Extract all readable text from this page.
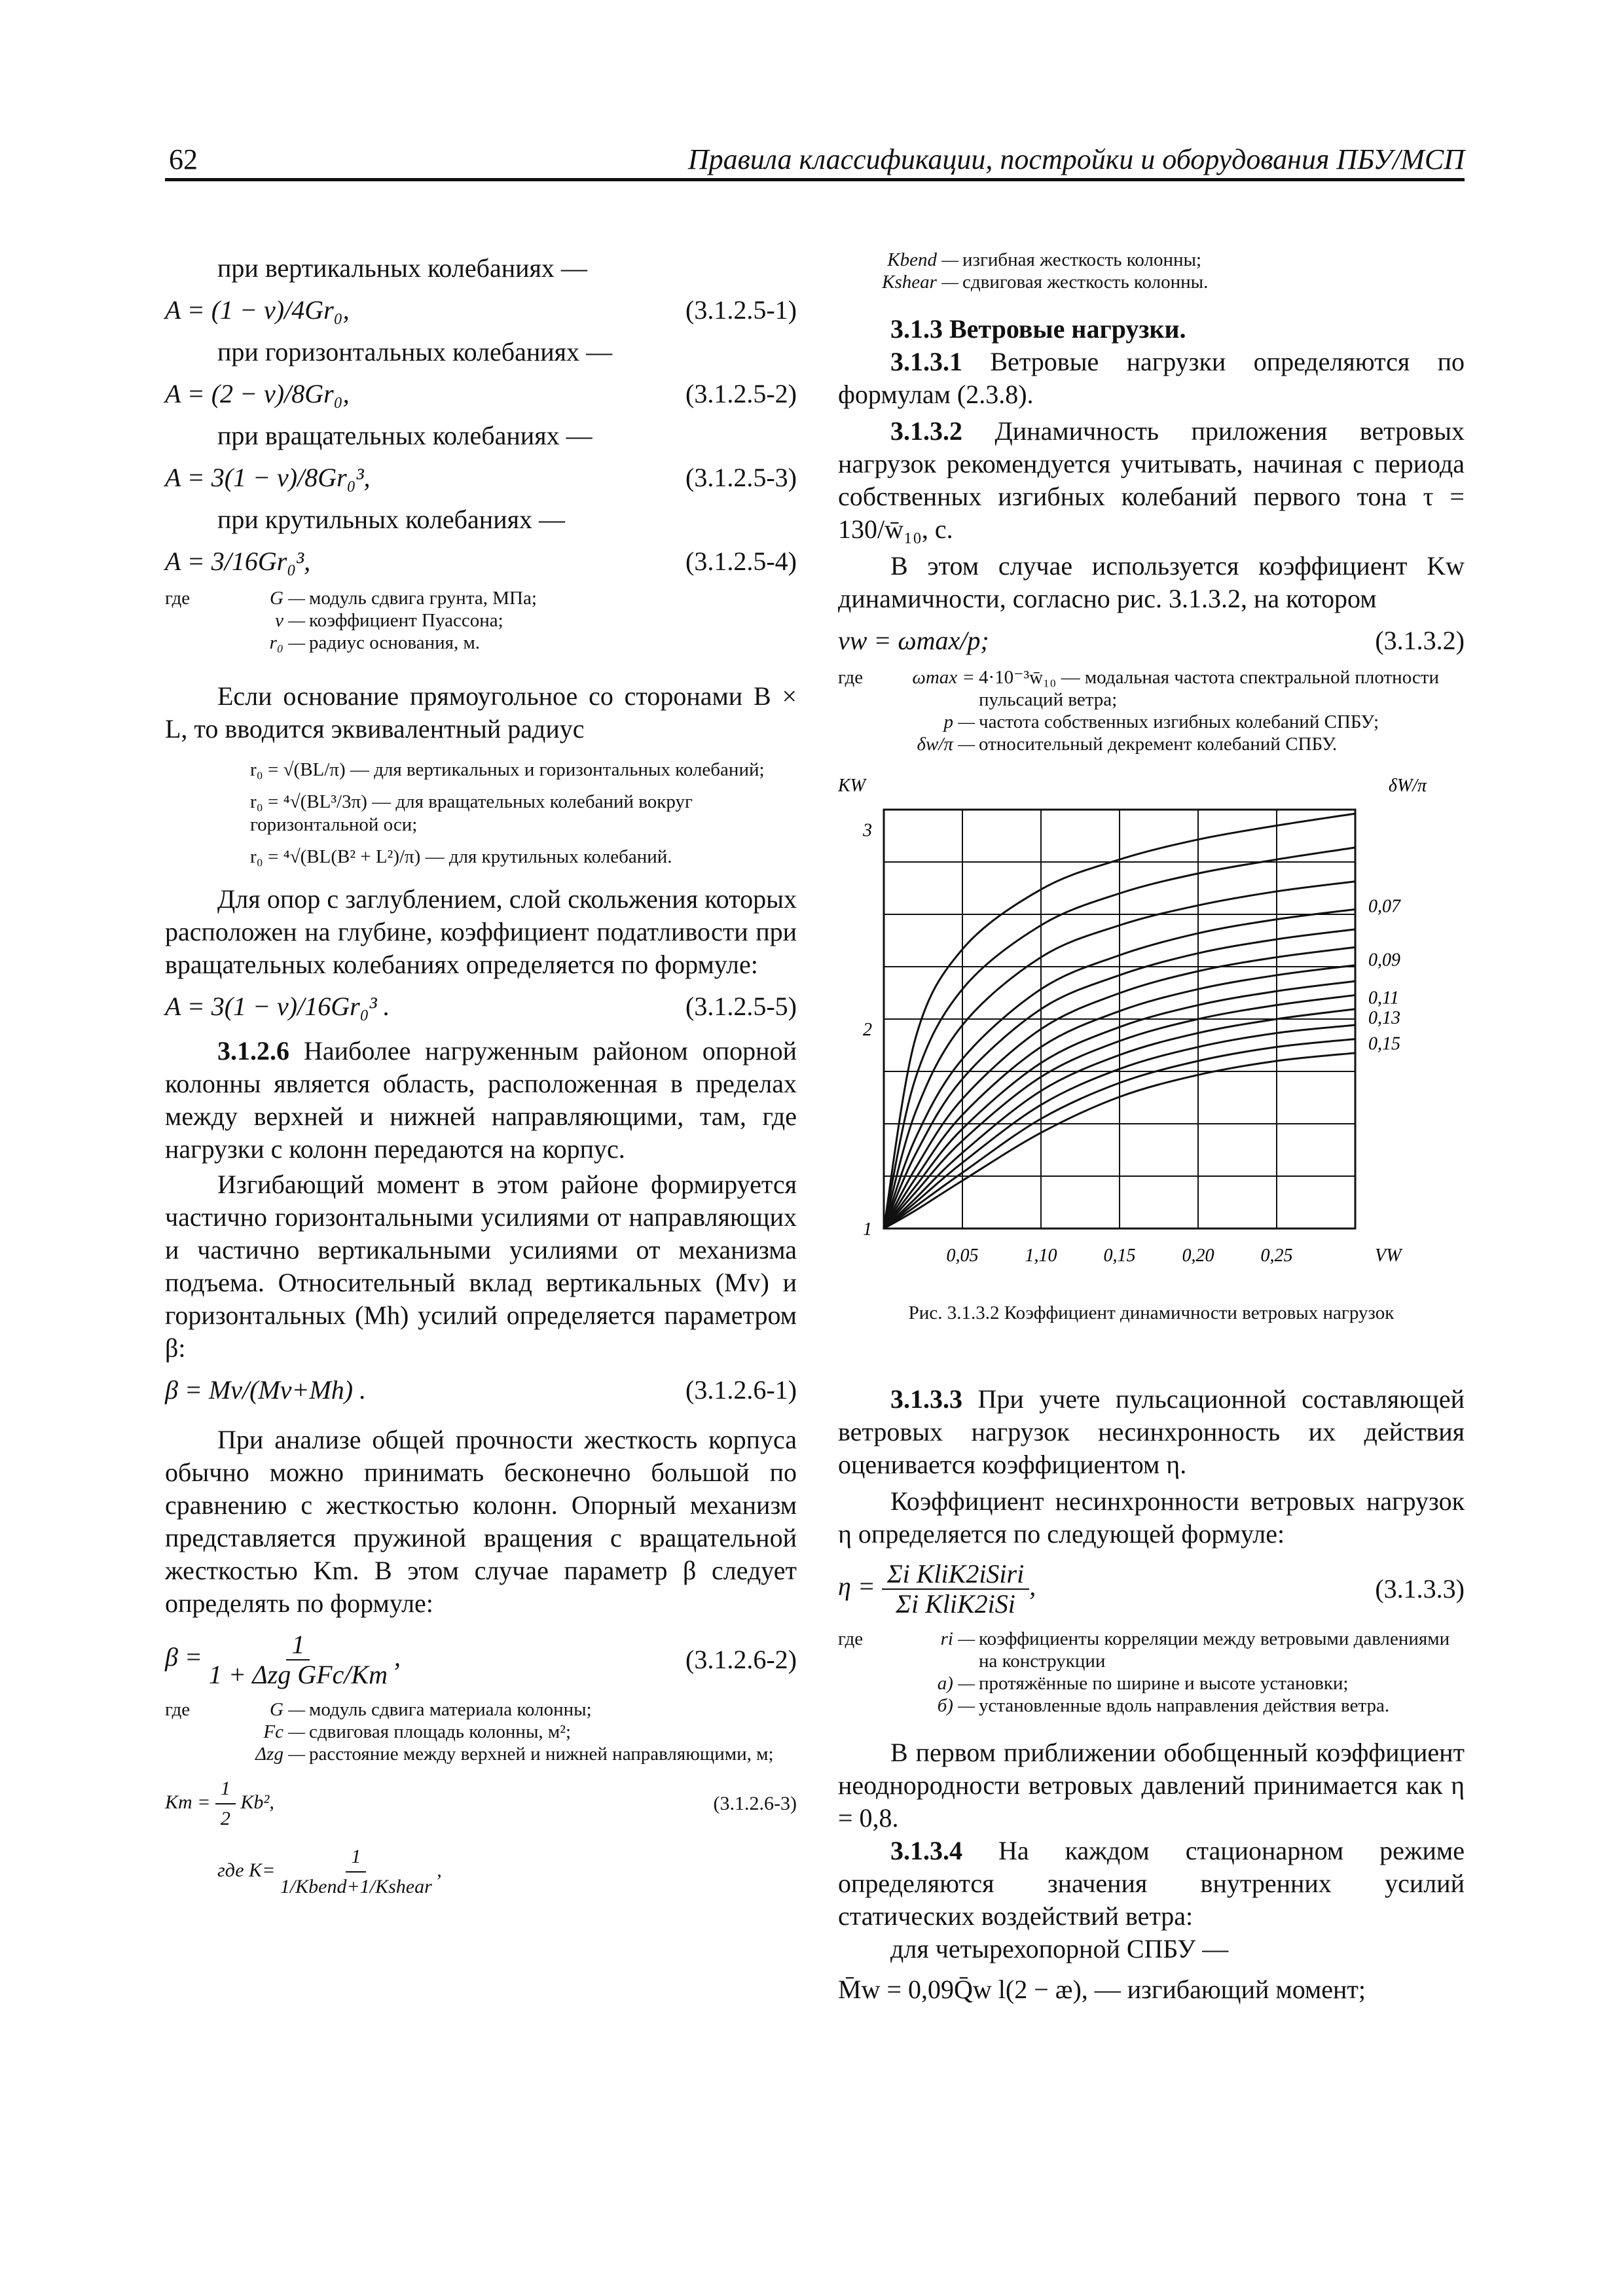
62	Правила классификации, постройки и оборудования ПБУ/МСП
при вертикальных колебаниях —
A = (1 − ν)/4Gr₀,	(3.1.2.5-1)
при горизонтальных колебаниях —
A = (2 − ν)/8Gr₀,	(3.1.2.5-2)
при вращательных колебаниях —
A = 3(1 − ν)/8Gr₀³,	(3.1.2.5-3)
при крутильных колебаниях —
A = 3/16Gr₀³,	(3.1.2.5-4)
где	G — модуль сдвига грунта, МПа;
ν — коэффициент Пуассона;
r₀ — радиус основания, м.

Если основание прямоугольное со сторонами B × L, то вводится эквивалентный радиус

r₀ = √(BL/π) — для вертикальных и горизонтальных колебаний;
r₀ = ⁴√(BL³/3π) — для вращательных колебаний вокруг горизонтальной оси;
r₀ = ⁴√(BL(B² + L²)/π) — для крутильных колебаний.

Для опор с заглублением, слой скольжения которых расположен на глубине, коэффициент податливости при вращательных колебаниях определяется по формуле:

A = 3(1 − ν)/16Gr₀³ .	(3.1.2.5-5)

3.1.2.6 Наиболее нагруженным районом опорной колонны является область, расположенная в пределах между верхней и нижней направляющими, там, где нагрузки с колонн передаются на корпус.

Изгибающий момент в этом районе формируется частично горизонтальными усилиями от направляющих и частично вертикальными усилиями от механизма подъема. Относительный вклад вертикальных (Mv) и горизонтальных (Mh) усилий определяется параметром β:

β = Mv/(Mv+Mh) .	(3.1.2.6-1)

При анализе общей прочности жесткость корпуса обычно можно принимать бесконечно большой по сравнению с жесткостью колонн. Опорный механизм представляется пружиной вращения с вращательной жесткостью Km. В этом случае параметр β следует определять по формуле:

$\beta = \frac{1}{\text{1 + Δzg GFc/Km}}$ ,	(3.1.2.6-2)
где	G — модуль сдвига материала колонны;
Fc — сдвиговая площадь колонны, м²;
Δzg — расстояние между верхней и нижней направляющими, м;
$Km = \frac{1}{2} Kb^2$,	(3.1.2.6-3)
где $K= \frac{1}{\text{1/Kbend+1/Kshear}}$ ,
Kbend — изгибная жесткость колонны;
Kshear — сдвиговая жесткость колонны.

3.1.3 Ветровые нагрузки.

3.1.3.1 Ветровые нагрузки определяются по формулам (2.3.8).

3.1.3.2 Динамичность приложения ветровых нагрузок рекомендуется учитывать, начиная с периода собственных изгибных колебаний первого тона τ = 130/w̄₁₀, с.

В этом случае используется коэффициент Kw динамичности, согласно рис. 3.1.3.2, на котором

νw = ωmax/p;	(3.1.3.2)
где	ωmax = 4·10⁻³w̄₁₀ — модальная частота спектральной плотности пульсаций ветра;
p — частота собственных изгибных колебаний СПБУ;
δw/π — относительный декремент колебаний СПБУ.
KW	δW/π
VW
1
2
3
0,05	1,10	0,15	0,20	0,25
0,07
0,09
0,11
0,13
0,15
Рис. 3.1.3.2 Коэффициент динамичности ветровых нагрузок

3.1.3.3 При учете пульсационной составляющей ветровых нагрузок несинхронность их действия оценивается коэффициентом η.

Коэффициент несинхронности ветровых нагрузок η определяется по следующей формуле:

$\eta = \frac{\text{Σi KliK2iSiri}}{\text{Σi KliK2iSi}}$ ,	(3.1.3.3)
где	ri — коэффициенты корреляции между ветровыми давлениями на конструкции
а) — протяжённые по ширине и высоте установки;
б) — установленные вдоль направления действия ветра.

В первом приближении обобщенный коэффициент неоднородности ветровых давлений принимается как η = 0,8.

3.1.3.4 На каждом стационарном режиме определяются значения внутренних усилий статических воздействий ветра:

для четырехопорной СПБУ —
M̄w = 0,09Q̄w l(2 − æ), — изгибающий момент;
